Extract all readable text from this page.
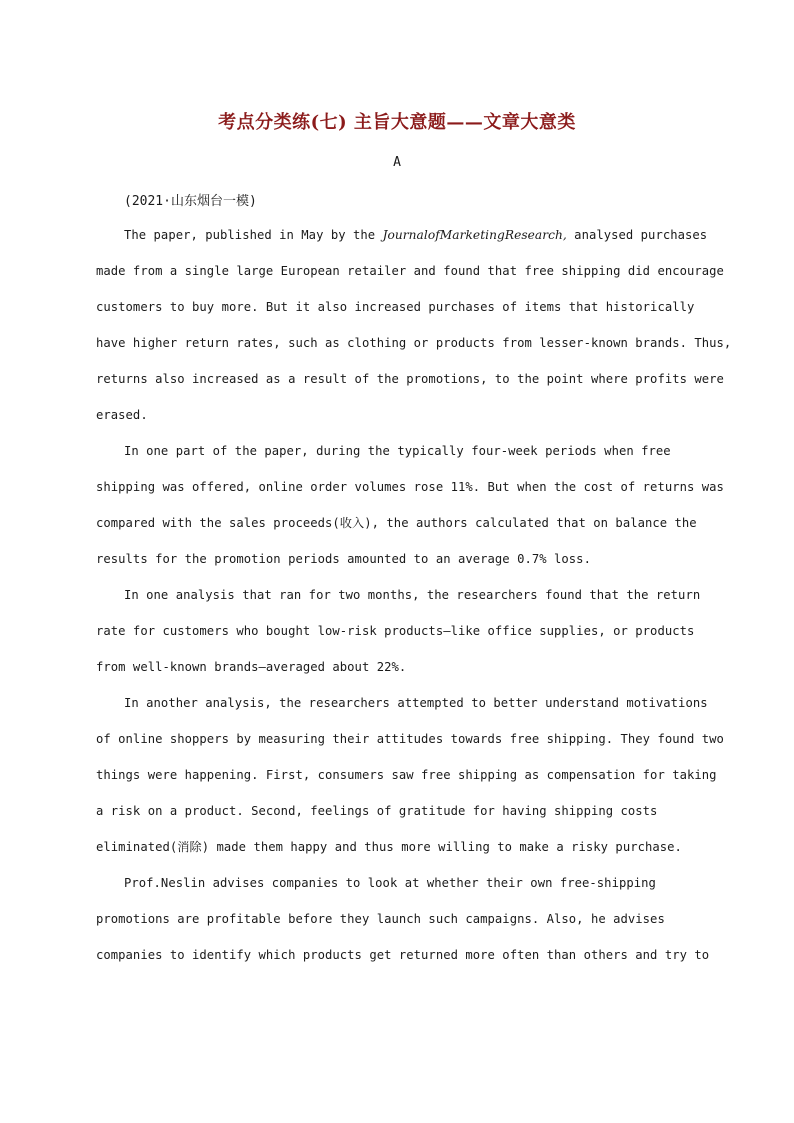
考点分类练(七) 主旨大意题——文章大意类
A
(2021·山东烟台一模)
The paper, published in May by the JournalofMarketingResearch, analysed purchases
made from a single large European retailer and found that free shipping did encourage
customers to buy more. But it also increased purchases of items that historically
have higher return rates, such as clothing or products from lesser-known brands. Thus,
returns also increased as a result of the promotions, to the point where profits were
erased.
In one part of the paper, during the typically four-week periods when free
shipping was offered, online order volumes rose 11%. But when the cost of returns was
compared with the sales proceeds(收入), the authors calculated that on balance the
results for the promotion periods amounted to an average 0.7% loss.
In one analysis that ran for two months, the researchers found that the return
rate for customers who bought low-risk products—like office supplies, or products
from well-known brands—averaged about 22%.
In another analysis, the researchers attempted to better understand motivations
of online shoppers by measuring their attitudes towards free shipping. They found two
things were happening. First, consumers saw free shipping as compensation for taking
a risk on a product. Second, feelings of gratitude for having shipping costs
eliminated(消除) made them happy and thus more willing to make a risky purchase.
Prof.Neslin advises companies to look at whether their own free-shipping
promotions are profitable before they launch such campaigns. Also, he advises
companies to identify which products get returned more often than others and try to
